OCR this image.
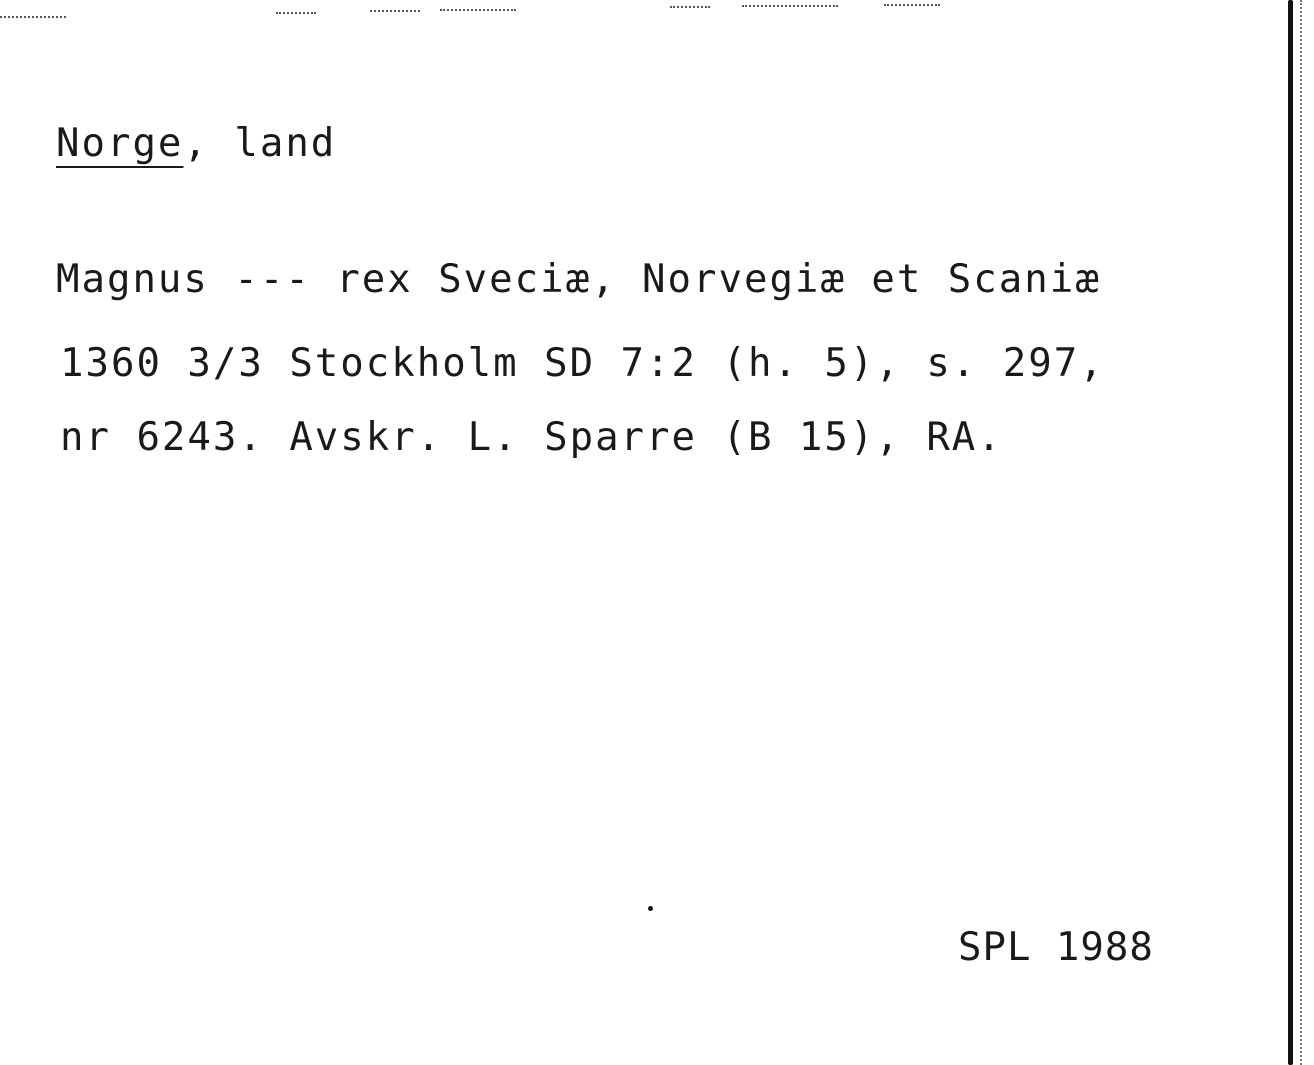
Norge, land
Magnus --- rex Sveciæ, Norvegiæ et Scaniæ
1360 3/3 Stockholm SD 7:2 (h. 5), s. 297,
nr 6243. Avskr. L. Sparre (B 15), RA.
SPL 1988
